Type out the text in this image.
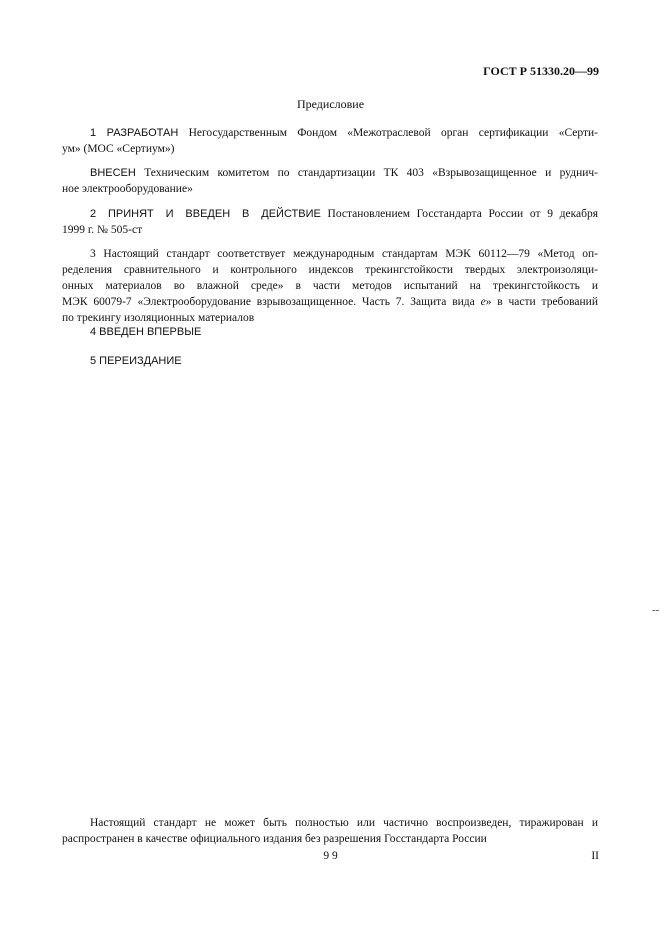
ГОСТ Р 51330.20—99
Предисловие
1 РАЗРАБОТАН Негосударственным Фондом «Межотраслевой орган сертификации «Серти-
ум» (МОС «Сертиум»)
ВНЕСЕН Техническим комитетом по стандартизации ТК 403 «Взрывозащищенное и руднич-
ное электрооборудование»
2 ПРИНЯТ И ВВЕДЕН В ДЕЙСТВИЕ Постановлением Госстандарта России от 9 декабря
1999 г. № 505-ст
3 Настоящий стандарт соответствует международным стандартам МЭК 60112—79 «Метод оп-
ределения сравнительного и контрольного индексов трекингстойкости твердых электроизоляци-
онных материалов во влажной среде» в части методов испытаний на трекингстойкость и
МЭК 60079-7 «Электрооборудование взрывозащищенное. Часть 7. Защита вида e» в части требований
по трекингу изоляционных материалов
4 ВВЕДЕН ВПЕРВЫЕ
5 ПЕРЕИЗДАНИЕ
--
Настоящий стандарт не может быть полностью или частично воспроизведен, тиражирован и
распространен в качестве официального издания без разрешения Госстандарта России
9 9	II
